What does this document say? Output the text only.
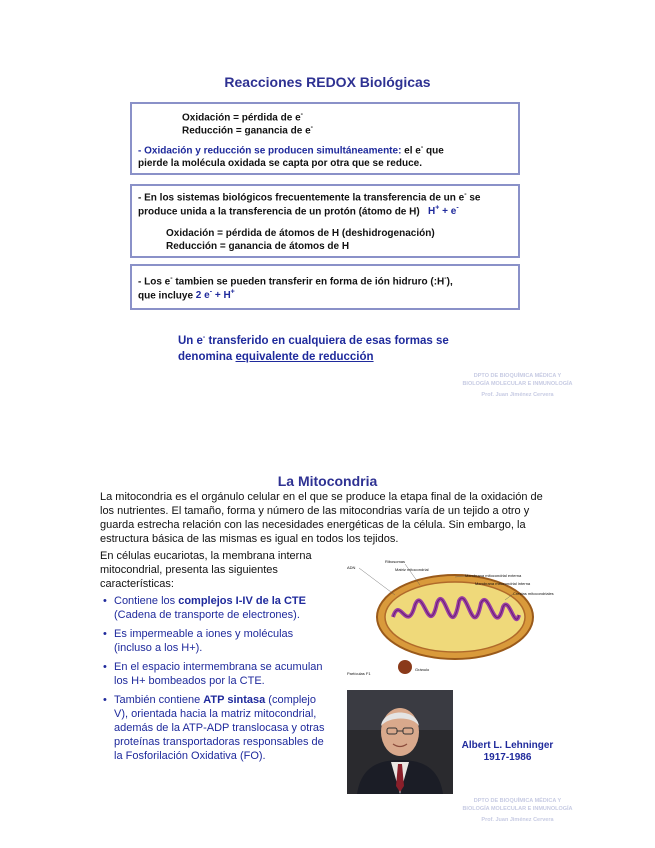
Reacciones REDOX Biológicas
Oxidación = pérdida de e-
Reducción = ganancia de e-
- Oxidación y reducción se producen simultáneamente: el e- que
pierde la molécula oxidada se capta por otra que se reduce.
- En los sistemas biológicos frecuentemente la transferencia de un e- se
produce unida a la transferencia de un protón (átomo de H) H+ + e-
Oxidación = pérdida de átomos de H (deshidrogenación)
Reducción = ganancia de átomos de H
- Los e- tambien se pueden transferir en forma de ión hidruro (:H-),
que incluye 2 e- + H+
Un e- transferido en cualquiera de esas formas se
denomina equivalente de reducción
DPTO DE BIOQUÍMICA MÉDICA Y
BIOLOGÍA MOLECULAR E INMUNOLOGÍA
Prof. Juan Jiménez Cervera
La Mitocondria
La mitocondria es el orgánulo celular en el que se produce la etapa final de la oxidación de los nutrientes. El tamaño, forma y número de las mitocondrias varía de un tejido a otro y guarda estrecha relación con las necesidades energéticas de la célula. Sin embargo, la estructura básica de las mismas es igual en todos los tejidos.
En células eucariotas, la membrana interna mitocondrial, presenta las siguientes características:
• Contiene los complejos I-IV de la CTE (Cadena de transporte de electrones).
• Es impermeable a iones y moléculas (incluso a los H+).
• En el espacio intermembrana se acumulan los H+ bombeados por la CTE.
• También contiene ATP sintasa (complejo V), orientada hacia la matriz mitocondrial, además de la ATP-ADP translocasa y otras proteínas transportadoras responsables de la Fosforilación Oxidativa (FO).
ADN
Ribosomas
Matriz mitocondrial
Membrana mitocondrial externa
Membrana mitocondrial interna
Crestas mitocondriales
Partículas F1
Gránulo
Albert L. Lehninger
1917-1986
DPTO DE BIOQUÍMICA MÉDICA Y
BIOLOGÍA MOLECULAR E INMUNOLOGÍA
Prof. Juan Jiménez Cervera
